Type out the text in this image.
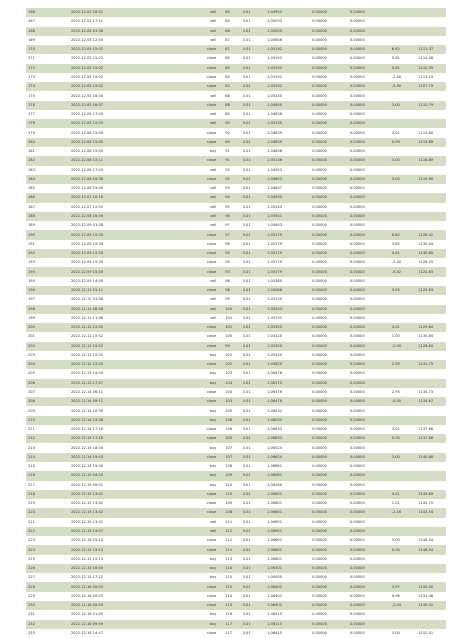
166	2022.12.02 16:51	sell	84	0.01	1.04952	0.00000	0.00000		
167	2022.12.02 17:11	sell	85	0.01	1.05033	0.00000	0.00000		
168	2022.12.05 01:36	sell	86	0.01	1.05055	0.00000	0.00000		
169	2022.12.05 12:55	sell	87	0.01	1.05856	0.00000	0.00000		
170	2022.12.05 15:02	close	87	0.01	1.05192	0.00000	0.00000	6.62	1111.37
171	2022.12.05 15:02	close	86	0.01	1.05192	0.00000	0.00000	5.61	1114.08
172	2022.12.05 15:02	close	85	0.01	1.05192	0.00000	0.00000	0.61	1115.39
173	2022.12.05 15:02	close	84	0.01	1.05192	0.00000	0.00000	-2.40	1113.19
174	2022.12.05 15:02	close	83	0.01	1.05192	0.00000	0.00000	-5.40	1107.79
175	2022.12.05 16:00	sell	88	0.01	1.05240	0.00000	0.00000		
176	2022.12.05 16:57	close	88	0.01	1.04840	0.00000	0.00000	3.00	1110.79
177	2022.12.05 17:00	sell	89	0.01	1.04836	0.00000	0.00000		
178	2022.12.05 12:25	sell	90	0.01	1.05130	0.00000	0.00000		
179	2022.12.06 15:05	close	90	0.01	1.04839	0.00000	0.00000	3.01	1113.80
180	2022.12.06 15:05	close	89	0.01	1.04839	0.00000	0.00000	0.09	1113.89
181	2022.12.06 15:05	buy	91	0.01	1.04836	0.00000	0.00000		
182	2022.12.06 15:11	close	91	0.01	1.05136	0.00000	0.00000	3.00	1116.89
183	2022.12.06 17:00	sell	92	0.01	1.04953	0.00000	0.00000		
184	2022.12.06 16:38	close	92	0.01	1.04653	0.00000	0.00000	3.00	1119.89
185	2022.12.06 19:00	sell	93	0.01	1.04637	0.00000	0.00000		
186	2022.12.07 10:16	sell	94	0.01	1.04930	0.00000	0.00000		
187	2022.12.07 12:55	sell	95	0.01	1.05243	0.00000	0.00000		
188	2022.12.08 16:39	sell	96	0.01	1.05541	0.00000	0.00000		
189	2022.12.09 01:38	sell	97	0.01	1.05843	0.00000	0.00000		
190	2022.12.09 15:33	close	97	0.01	1.05179	0.00000	0.00000	6.62	1126.42
191	2022.12.09 15:33	close	96	0.01	1.05179	0.00000	0.00000	3.62	1130.04
192	2022.12.09 15:33	close	95	0.01	1.05179	0.00000	0.00000	0.61	1130.65
193	2022.12.09 15:33	close	94	0.01	1.05179	0.00000	0.00000	-2.40	1128.25
194	2022.12.09 15:33	close	93	0.01	1.05179	0.00000	0.00000	-5.42	1122.83
195	2022.12.09 14:09	sell	98	0.01	1.05380	0.00000	0.00000		
196	2022.12.12 01:11	close	98	0.01	1.05086	0.00000	0.00000	3.00	1125.83
197	2022.12.12 01:08	sell	99	0.01	1.05130	0.00000	0.00000		
198	2022.12.12 08:48	sell	100	0.01	1.05433	0.00000	0.00000		
199	2022.12.12 11:38	sell	101	0.01	1.05731	0.00000	0.00000		
200	2022.12.12 15:52	close	101	0.01	1.05320	0.00000	0.00000	4.01	1129.84
201	2022.12.12 15:52	close	100	0.01	1.05320	0.00000	0.00000	1.00	1130.84
202	2022.12.12 15:52	close	99	0.01	1.05320	0.00000	0.00000	-2.00	1128.84
203	2022.12.12 15:52	buy	102	0.01	1.05320	0.00000	0.00000		
204	2022.12.12 12:20	close	102	0.01	1.05620	0.00000	0.00000	2.95	1131.79
205	2022.12.13 14:09	buy	103	0.01	1.06476	0.00000	0.00000		
206	2022.12.13 17:47	buy	104	0.01	1.06170	0.00000	0.00000		
207	2022.12.14 06:11	close	104	0.01	1.06476	0.00000	0.00000	2.95	1134.73
208	2022.12.14 09:11	close	103	0.01	1.06476	0.00000	0.00000	-0.05	1134.67
209	2022.12.14 10:59	buy	105	0.01	1.06532	0.00000	0.00000		
210	2022.12.14 14:36	buy	106	0.01	1.06032	0.00000	0.00000		
211	2022.12.14 17:16	close	106	0.01	1.06633	0.00000	0.00000	3.01	1137.68
212	2022.12.14 17:16	close	105	0.01	1.06633	0.00000	0.00000	0.00	1137.68
213	2022.12.14 18:00	buy	107	0.01	1.06524	0.00000	0.00000		
214	2022.12.14 19:43	close	107	0.01	1.06824	0.00000	0.00000	3.00	1140.68
215	2022.12.14 19:00	buy	108	0.01	1.06881	0.00000	0.00000		
216	2022.12.15 04:20	buy	109	0.01	1.06581	0.00000	0.00000		
217	2022.12.15 09:01	buy	110	0.01	1.06280	0.00000	0.00000		
218	2022.12.15 13:42	close	110	0.01	1.06601	0.00000	0.00000	4.01	1144.69
219	2022.12.15 13:42	close	109	0.01	1.06601	0.00000	0.00000	1.01	1145.70
220	2022.12.15 13:42	close	108	0.01	1.06601	0.00000	0.00000	-2.16	1143.54
221	2022.12.15 13:42	sell	111	0.01	1.06601	0.00000	0.00000		
222	2022.12.15 14:07	sell	112	0.01	1.06901	0.00000	0.00000		
223	2022.12.15 15:13	close	112	0.01	1.06601	0.00000	0.00000	3.00	1146.54
224	2022.12.15 15:13	close	111	0.01	1.06601	0.00000	0.00000	0.00	1146.54
225	2022.12.15 15:13	buy	113	0.01	1.06601	0.00000	0.00000		
226	2022.12.15 16:45	buy	114	0.01	1.06301	0.00000	0.00000		
227	2022.12.15 17:12	buy	115	0.01	1.00000	0.00000	0.00000		
228	2022.12.16 00:03	close	115	0.01	1.06402	0.00000	0.00000	3.97	1150.50
229	2022.12.16 00:03	close	114	0.01	1.06402	0.00000	0.00000	0.96	1151.46
230	2022.12.16 00:03	close	113	0.01	1.06402	0.00000	0.00000	-2.04	1149.41
231	2022.12.16 01:09	buy	116	0.01	1.06415	0.00000	0.00000		
232	2022.12.16 09:59	buy	117	0.01	1.06115	0.00000	0.00000		
233	2022.12.16 14:47	close	117	0.01	1.06415	0.00000	0.00000	3.00	1152.41
